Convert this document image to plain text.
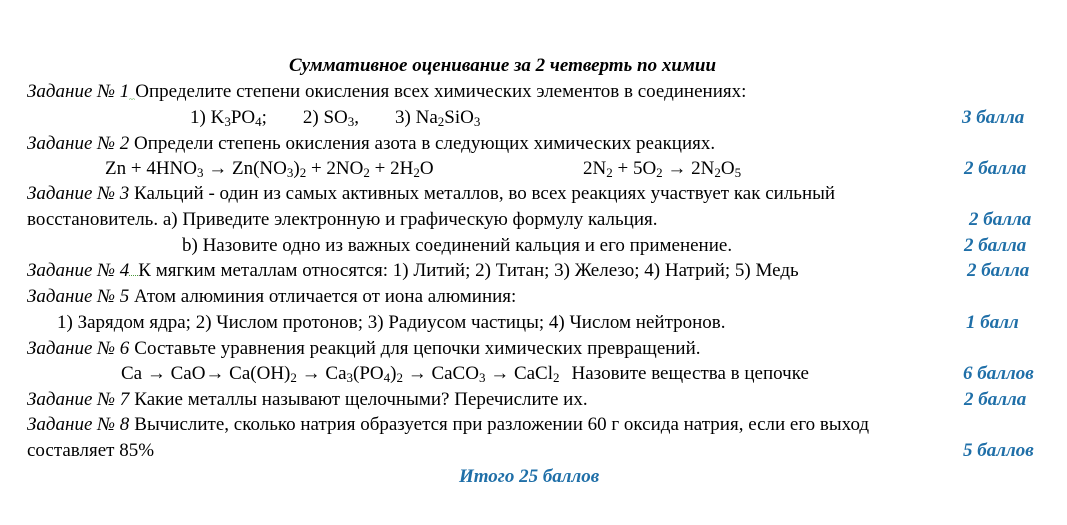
Суммативное оценивание за 2 четверть по химии
Задание № 1 Определите степени окисления всех химических элементов в соединениях:
1) $K_3PO_4$; 2) $SO_3$, 3) $Na_2SiO_3$	3 балла
Задание № 2 Определи степень окисления азота в следующих химических реакциях.
$Zn + 4HNO_3 \to Zn(NO_3)_2 + 2NO_2 + 2H_2O$	$2N_2 + 5O_2 \to 2N_2O_5$	2 балла
Задание № 3 Кальций - один из самых активных металлов, во всех реакциях участвует как сильный
восстановитель. а) Приведите электронную и графическую формулу кальция.	2 балла
b) Назовите одно из важных соединений кальция и его применение.	2 балла
Задание № 4 К мягким металлам относятся: 1) Литий; 2) Титан; 3) Железо; 4) Натрий; 5) Медь	2 балла
Задание № 5 Атом алюминия отличается от иона алюминия:
1) Зарядом ядра; 2) Числом протонов; 3) Радиусом частицы; 4) Числом нейтронов.	1 балл
Задание № 6 Составьте уравнения реакций для цепочки химических превращений.
$Ca \to CaO\to Ca(OH)_2 \to Ca_3(PO_4)_2$ → CaCO$_3$ → CaCl$_2$ Назовите вещества в цепочке	6 баллов
Задание № 7 Какие металлы называют щелочными? Перечислите их.	2 балла
Задание № 8 Вычислите, сколько натрия образуется при разложении 60 г оксида натрия, если его выход
составляет 85%	5 баллов
Итого 25 баллов
